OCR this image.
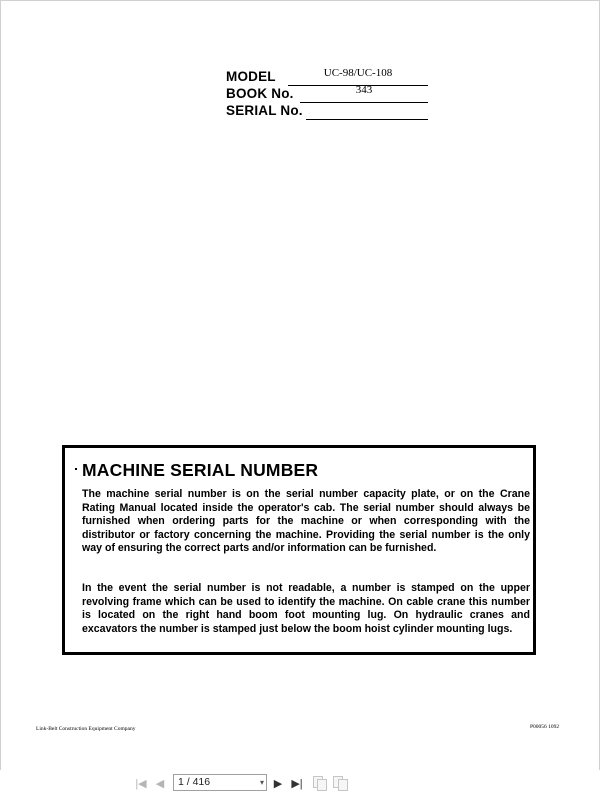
MODEL	UC-98/UC-108
BOOK No.	343
SERIAL No.
MACHINE SERIAL NUMBER
The machine serial number is on the serial number capacity plate, or on the Crane Rating Manual located inside the operator's cab. The serial number should always be furnished when ordering parts for the machine or when corresponding with the distributor or factory concerning the machine. Providing the serial number is the only way of ensuring the correct parts and/or information can be furnished.
In the event the serial number is not readable, a number is stamped on the upper revolving frame which can be used to identify the machine. On cable crane this number is located on the right hand boom foot mounting lug. On hydraulic cranes and excavators the number is stamped just below the boom hoist cylinder mounting lugs.
Link-Belt Construction Equipment Company	P00056 1092
|◀ ◀	1 / 416	▾ ▶ ▶|
